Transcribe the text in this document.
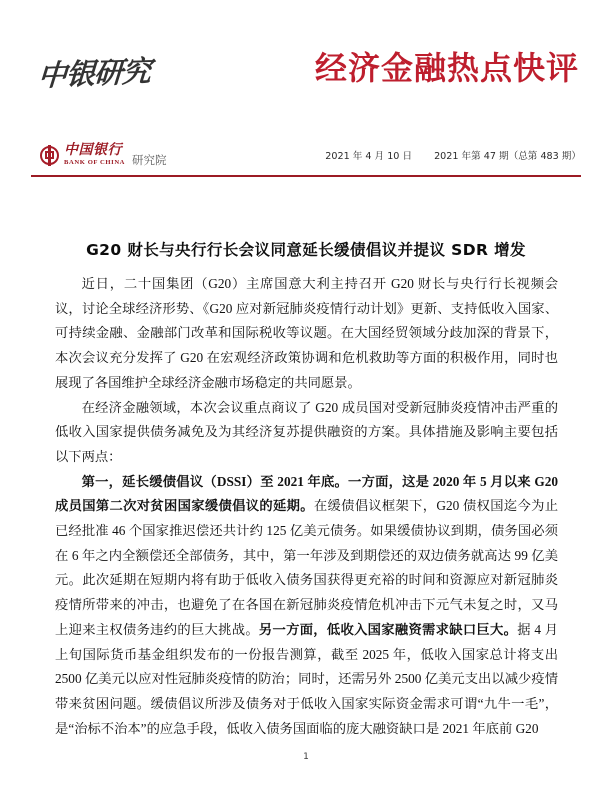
中银研究	经济金融热点快评
中国银行
BANK OF CHINA 研究院	2021 年 4 月 10 日 2021 年第 47 期（总第 483 期）
G20 财长与央行行长会议同意延长缓债倡议并提议 SDR 增发

近日，二十国集团（G20）主席国意大利主持召开 G20 财长与央行行长视频会议，讨论全球经济形势、《G20 应对新冠肺炎疫情行动计划》更新、支持低收入国家、可持续金融、金融部门改革和国际税收等议题。在大国经贸领域分歧加深的背景下，本次会议充分发挥了 G20 在宏观经济政策协调和危机救助等方面的积极作用，同时也展现了各国维护全球经济金融市场稳定的共同愿景。

在经济金融领域，本次会议重点商议了 G20 成员国对受新冠肺炎疫情冲击严重的低收入国家提供债务减免及为其经济复苏提供融资的方案。具体措施及影响主要包括以下两点：

第一，延长缓债倡议（DSSI）至 2021 年底。一方面，这是 2020 年 5 月以来 G20 成员国第二次对贫困国家缓债倡议的延期。在缓债倡议框架下，G20 债权国迄今为止已经批准 46 个国家推迟偿还共计约 125 亿美元债务。如果缓债协议到期，债务国必须在 6 年之内全额偿还全部债务，其中，第一年涉及到期偿还的双边债务就高达 99 亿美元。此次延期在短期内将有助于低收入债务国获得更充裕的时间和资源应对新冠肺炎疫情所带来的冲击，也避免了在各国在新冠肺炎疫情危机冲击下元气未复之时，又马上迎来主权债务违约的巨大挑战。另一方面，低收入国家融资需求缺口巨大。据 4 月上旬国际货币基金组织发布的一份报告测算，截至 2025 年，低收入国家总计将支出 2500 亿美元以应对性冠肺炎疫情的防治；同时，还需另外 2500 亿美元支出以减少疫情带来贫困问题。缓债倡议所涉及债务对于低收入国家实际资金需求可谓“九牛一毛”，是“治标不治本”的应急手段，低收入债务国面临的庞大融资缺口是 2021 年底前 G20

1
